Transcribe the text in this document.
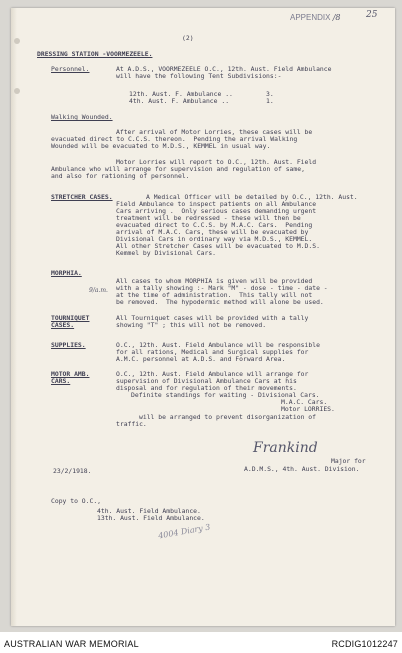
APPENDIX /8	25
(2)
DRESSING STATION -VOORMEZEELE.
Personnel.	At A.D.S., VOORMEZEELE O.C., 12th. Aust. Field Ambulance
will have the following Tent Subdivisions:-
12th. Aust. F. Ambulance ..	3.
4th. Aust. F. Ambulance ..	1.
Walking Wounded.
After arrival of Motor Lorries, these cases will be
evacuated direct to C.C.S. thereon.  Pending the arrival Walking
Wounded will be evacuated to M.D.S., KEMMEL in usual way.
Motor Lorries will report to O.C., 12th. Aust. Field
Ambulance who will arrange for supervision and regulation of same,
and also for rationing of personnel.
STRETCHER CASES.	A Medical Officer will be detailed by O.C., 12th. Aust.
Field Ambulance to inspect patients on all Ambulance
Cars arriving .  Only serious cases demanding urgent
treatment will be redressed - these will then be
evacuated direct to C.C.S. by M.A.C. Cars.  Pending
arrival of M.A.C. Cars, these will be evacuated by
Divisional Cars in ordinary way via M.D.S., KEMMEL.
All other Stretcher Cases will be evacuated to M.D.S.
Kemmel by Divisional Cars.
MORPHIA.
9/a.m.
All cases to whom MORPHIA is given will be provided
with a tally showing :- Mark "M" - dose - time - date -
at the time of administration.  This tally will not
be removed.  The hypodermic method will alone be used.
TOURNIQUET
CASES.
All Tourniquet cases will be provided with a tally
showing "T" ; this will not be removed.
SUPPLIES.	O.C., 12th. Aust. Field Ambulance will be responsible
for all rations, Medical and Surgical supplies for
A.M.C. personnel at A.D.S. and Forward Area.
MOTOR AMB.
CARS.
O.C., 12th. Aust. Field Ambulance will arrange for
supervision of Divisional Ambulance Cars at his
disposal and for regulation of their movements.
Definite standings for waiting - Divisional Cars.
M.A.C. Cars.
Motor LORRIES.
will be arranged to prevent disorganization of
traffic.
Frankind
Major for
A.D.M.S., 4th. Aust. Division.
23/2/1918.
Copy to O.C.,
4th. Aust. Field Ambulance.
13th. Aust. Field Ambulance.
4004 Diary 3
AUSTRALIAN WAR MEMORIAL	RCDIG1012247
